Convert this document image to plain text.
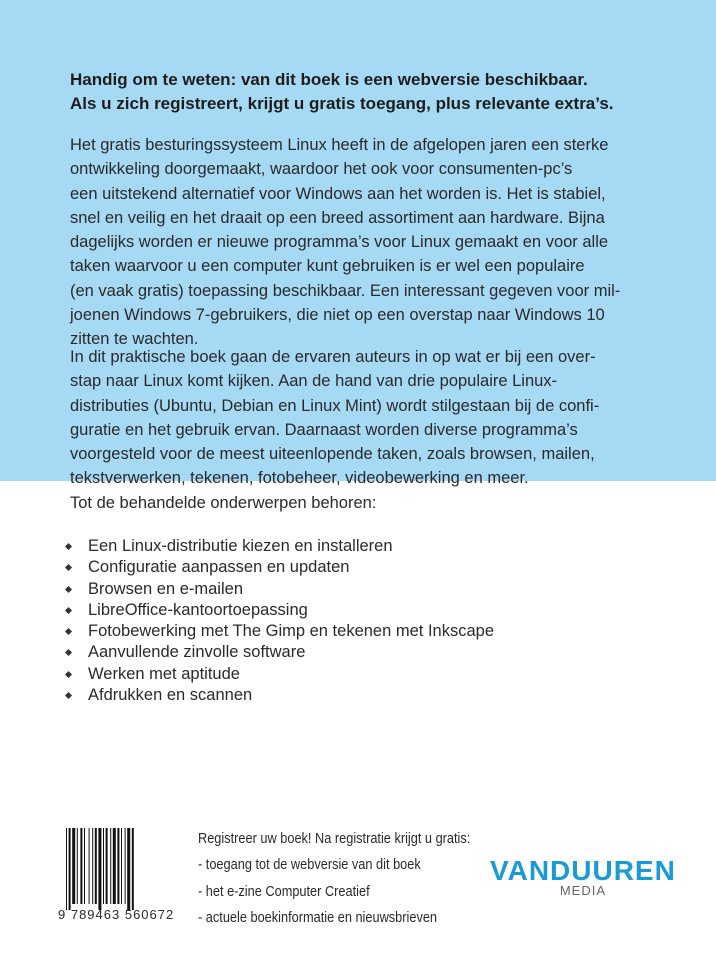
Handig om te weten: van dit boek is een webversie beschikbaar.
Als u zich registreert, krijgt u gratis toegang, plus relevante extra’s.
Het gratis besturingssysteem Linux heeft in de afgelopen jaren een sterke
ontwikkeling doorgemaakt, waardoor het ook voor consumenten-pc’s
een uitstekend alternatief voor Windows aan het worden is. Het is stabiel,
snel en veilig en het draait op een breed assortiment aan hardware. Bijna
dagelijks worden er nieuwe programma’s voor Linux gemaakt en voor alle
taken waarvoor u een computer kunt gebruiken is er wel een populaire
(en vaak gratis) toepassing beschikbaar. Een interessant gegeven voor mil-
joenen Windows 7-gebruikers, die niet op een overstap naar Windows 10
zitten te wachten.
In dit praktische boek gaan de ervaren auteurs in op wat er bij een over-
stap naar Linux komt kijken. Aan de hand van drie populaire Linux-
distributies (Ubuntu, Debian en Linux Mint) wordt stilgestaan bij de confi-
guratie en het gebruik ervan. Daarnaast worden diverse programma’s
voorgesteld voor de meest uiteenlopende taken, zoals browsen, mailen,
tekstverwerken, tekenen, fotobeheer, videobewerking en meer.
Tot de behandelde onderwerpen behoren:
Een Linux-distributie kiezen en installeren
Configuratie aanpassen en updaten
Browsen en e-mailen
LibreOffice-kantoortoepassing
Fotobewerking met The Gimp en tekenen met Inkscape
Aanvullende zinvolle software
Werken met aptitude
Afdrukken en scannen
9 789463 560672
Registreer uw boek! Na registratie krijgt u gratis:
- toegang tot de webversie van dit boek
- het e-zine Computer Creatief
- actuele boekinformatie en nieuwsbrieven
VANDUUREN
MEDIA
